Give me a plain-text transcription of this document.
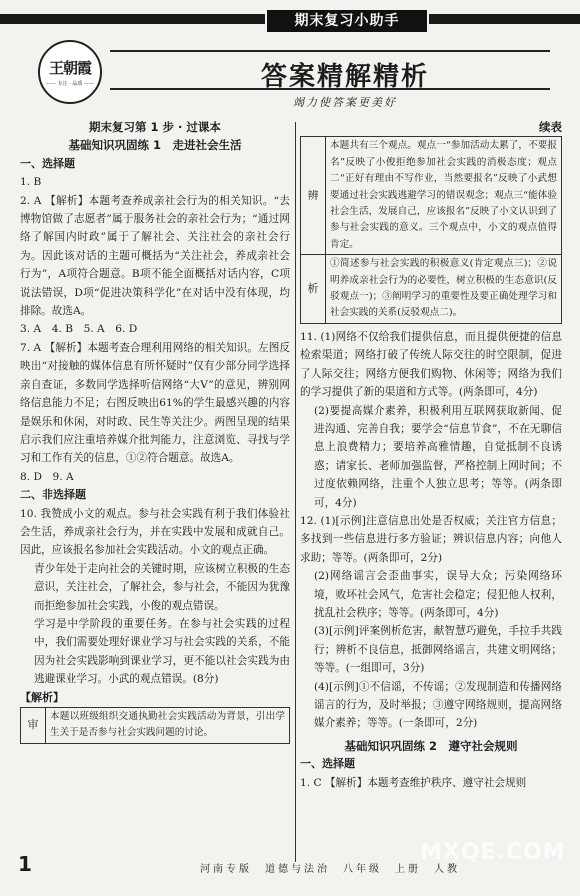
期末复习小助手
王朝霞
—— 专注 · 品质 ——	答案精解精析
竭力使答案更美好
期末复习第 1 步 · 过课本
基础知识巩固练 1　走进社会生活
一、选择题
1. B
2. A 【解析】本题考查养成亲社会行为的相关知识。“去博物馆做了志愿者”属于服务社会的亲社会行为；“通过网络了解国内时政”属于了解社会、关注社会的亲社会行为。因此该对话的主题可概括为“关注社会，养成亲社会行为”，A项符合题意。B项不能全面概括对话内容，C项说法错误，D项“促进决策科学化”在对话中没有体现，均排除。故选A。
3. A　4. B　5. A　6. D
7. A 【解析】本题考查合理利用网络的相关知识。左图反映出“对接触的媒体信息有所怀疑时”仅有少部分同学选择亲自查证，多数同学选择听信网络“大V”的意见，辨别网络信息能力不足；右图反映出61%的学生最感兴趣的内容是娱乐和休闲，对时政、民生等关注少。两图呈现的结果启示我们应注重培养媒介批判能力，注意浏览、寻找与学习和工作有关的信息，①②符合题意。故选A。
8. D　9. A
二、非选择题
10. 我赞成小文的观点。参与社会实践有利于我们体验社会生活，养成亲社会行为，并在实践中发展和成就自己。因此，应该报名参加社会实践活动。小文的观点正确。
青少年处于走向社会的关键时期，应该树立积极的生态意识，关注社会，了解社会，参与社会，不能因为犹豫而拒绝参加社会实践，小俊的观点错误。
学习是中学阶段的重要任务。在参与社会实践的过程中，我们需要处理好课业学习与社会实践的关系，不能因为社会实践影响到课业学习，更不能以社会实践为由逃避课业学习。小武的观点错误。(8分)
【解析】
审
本题以班级组织交通执勤社会实践活动为背景，引出学生关于是否参与社会实践问题的讨论。
续表
辨
本题共有三个观点。观点一“参加活动太累了，不要报名”反映了小俊拒绝参加社会实践的消极态度；观点二“正好有理由不写作业，当然要报名”反映了小武想要通过社会实践逃避学习的错误观念；观点三“能体验社会生活，发展自己，应该报名”反映了小文认识到了参与社会实践的意义。三个观点中，小文的观点值得肯定。
析
①简述参与社会实践的积极意义(肯定观点三)；②说明养成亲社会行为的必要性，树立积极的生态意识(反驳观点一)；③阐明学习的重要性及要正确处理学习和社会实践的关系(反驳观点二)。
11. (1)网络不仅给我们提供信息，而且提供便捷的信息检索渠道；网络打破了传统人际交往的时空限制，促进了人际交往；网络方便我们购物、休闲等；网络为我们的学习提供了新的渠道和方式等。(两条即可，4分)
(2)要提高媒介素养，积极利用互联网获取新闻、促进沟通、完善自我；要学会“信息节食”，不在无聊信息上浪费精力；要培养高雅情趣，自觉抵制不良诱惑；请家长、老师加强监督，严格控制上网时间；不过度依赖网络，注重个人独立思考；等等。(两条即可，4分)
12. (1)[示例]注意信息出处是否权威；关注官方信息；多找到一些信息进行多方验证；辨识信息内容；向他人求助；等等。(两条即可，2分)
(2)网络谣言会歪曲事实，误导大众；污染网络环境，败坏社会风气，危害社会稳定；侵犯他人权利，扰乱社会秩序；等等。(两条即可，4分)
(3)[示例]评案例析危害，献智慧巧避免，手拉手共践行；辨析不良信息，抵御网络谣言，共建文明网络；等等。(一组即可，3分)
(4)[示例]①不信谣，不传谣；②发现制造和传播网络谣言的行为，及时举报；③遵守网络规则，提高网络媒介素养；等等。(一条即可，2分)
基础知识巩固练 2　遵守社会规则
一、选择题
1. C 【解析】本题考查维护秩序、遵守社会规则
1	河南专版　道德与法治　八年级　上册　人教
MXQE.COM
